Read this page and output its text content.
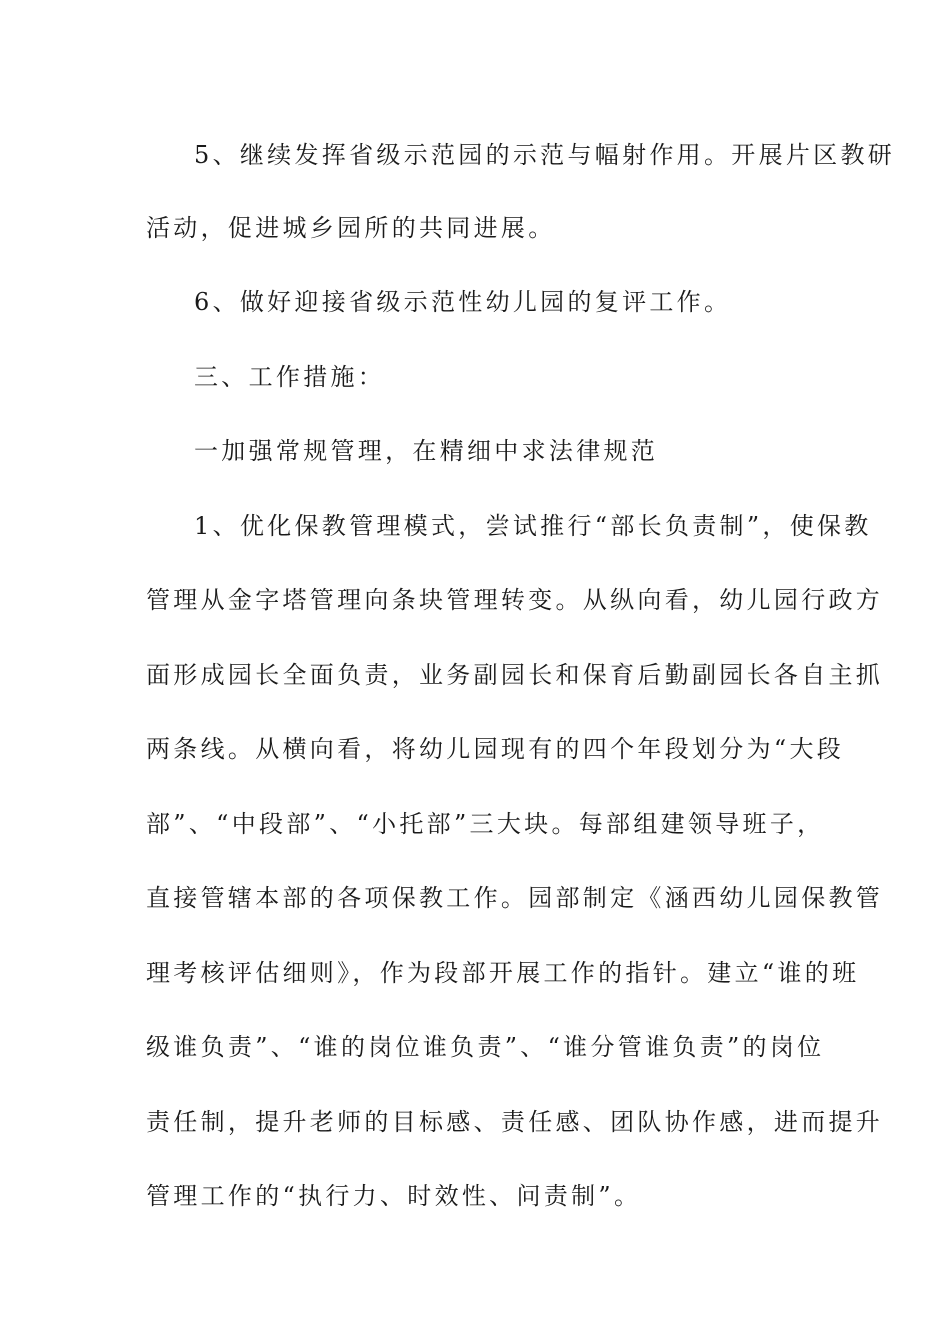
5、继续发挥省级示范园的示范与幅射作用。开展片区教研
活动，促进城乡园所的共同进展。
6、做好迎接省级示范性幼儿园的复评工作。
三、工作措施：
一加强常规管理，在精细中求法律规范
1、优化保教管理模式，尝试推行“部长负责制”，使保教
管理从金字塔管理向条块管理转变。从纵向看，幼儿园行政方
面形成园长全面负责，业务副园长和保育后勤副园长各自主抓
两条线。从横向看，将幼儿园现有的四个年段划分为“大段
部”、“中段部”、“小托部”三大块。每部组建领导班子，
直接管辖本部的各项保教工作。园部制定《涵西幼儿园保教管
理考核评估细则》，作为段部开展工作的指针。建立“谁的班
级谁负责”、“谁的岗位谁负责”、“谁分管谁负责”的岗位
责任制，提升老师的目标感、责任感、团队协作感，进而提升
管理工作的“执行力、时效性、问责制”。
